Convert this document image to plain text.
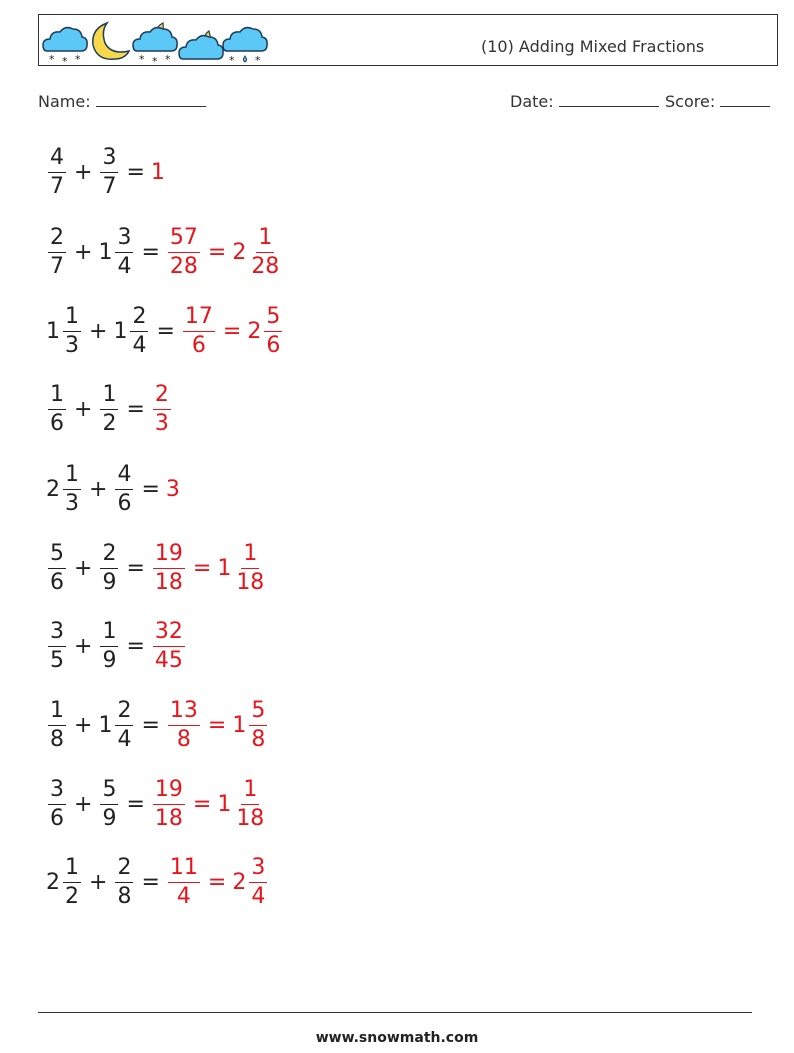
* * *	* * *	* *
(10) Adding Mixed Fractions
Name:	Date:	Score:
$\frac{4}{7} + \frac{3}{7} = 1$
$\frac{2}{7} + 1 \frac{3}{4} = \frac{57}{28} = 2 \frac{1}{28}$
$1 \frac{1}{3} + 1 \frac{2}{4} = \frac{17}{6} = 2 \frac{5}{6}$
$\frac{1}{6} + \frac{1}{2} = \frac{2}{3}$
$2 \frac{1}{3} + \frac{4}{6} = 3$
$\frac{5}{6} + \frac{2}{9} = \frac{19}{18} = 1 \frac{1}{18}$
$\frac{3}{5} + \frac{1}{9} = \frac{32}{45}$
$\frac{1}{8} + 1 \frac{2}{4} = \frac{13}{8} = 1 \frac{5}{8}$
$\frac{3}{6} + \frac{5}{9} = \frac{19}{18} = 1 \frac{1}{18}$
$2 \frac{1}{2} + \frac{2}{8} = \frac{11}{4} = 2 \frac{3}{4}$
www.snowmath.com
